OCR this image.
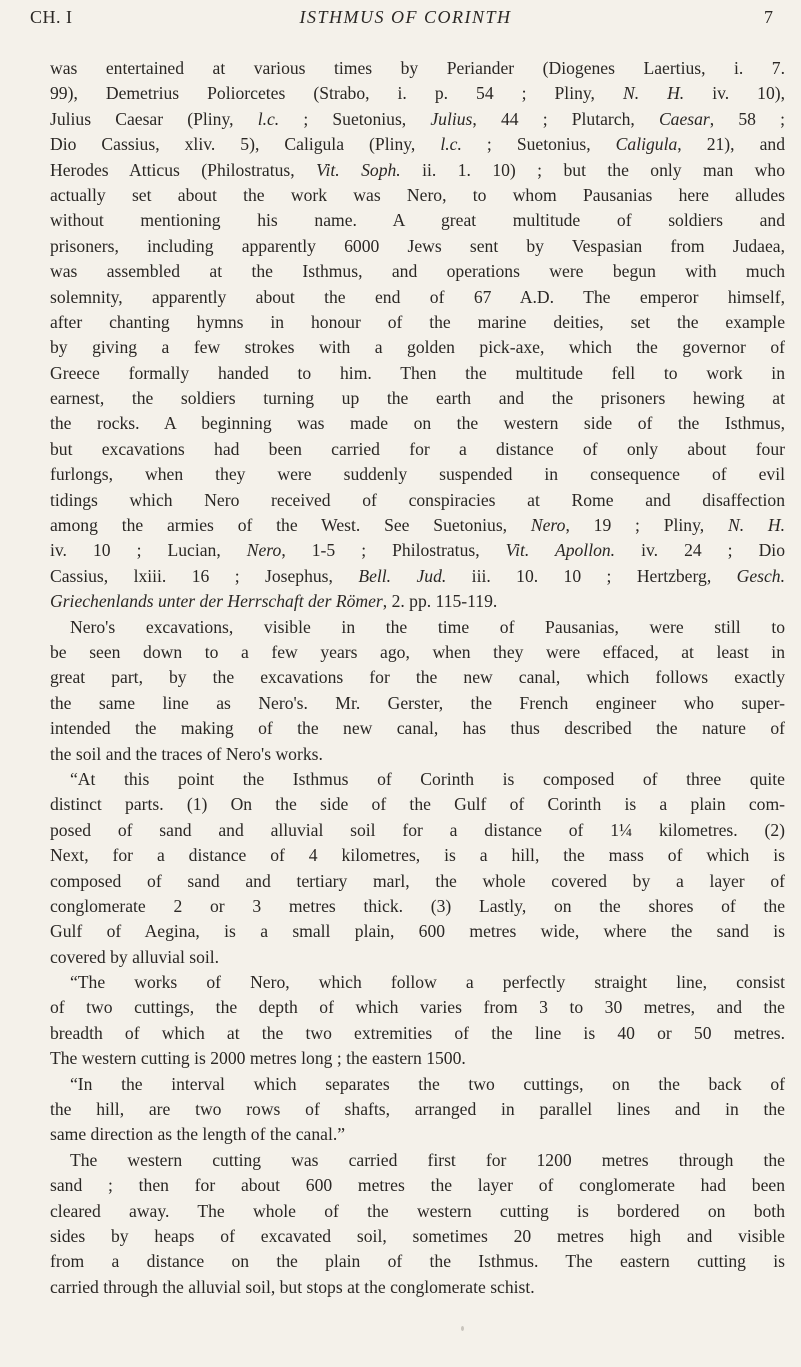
CH. I	ISTHMUS OF CORINTH	7
was entertained at various times by Periander (Diogenes Laertius, i. 7.
99), Demetrius Poliorcetes (Strabo, i. p. 54 ; Pliny, N. H. iv. 10),
Julius Caesar (Pliny, l.c. ; Suetonius, Julius, 44 ; Plutarch, Caesar, 58 ;
Dio Cassius, xliv. 5), Caligula (Pliny, l.c. ; Suetonius, Caligula, 21), and
Herodes Atticus (Philostratus, Vit. Soph. ii. 1. 10) ; but the only man who
actually set about the work was Nero, to whom Pausanias here alludes
without mentioning his name. A great multitude of soldiers and
prisoners, including apparently 6000 Jews sent by Vespasian from Judaea,
was assembled at the Isthmus, and operations were begun with much
solemnity, apparently about the end of 67 A.D. The emperor himself,
after chanting hymns in honour of the marine deities, set the example
by giving a few strokes with a golden pick-axe, which the governor of
Greece formally handed to him. Then the multitude fell to work in
earnest, the soldiers turning up the earth and the prisoners hewing at
the rocks. A beginning was made on the western side of the Isthmus,
but excavations had been carried for a distance of only about four
furlongs, when they were suddenly suspended in consequence of evil
tidings which Nero received of conspiracies at Rome and disaffection
among the armies of the West. See Suetonius, Nero, 19 ; Pliny, N. H.
iv. 10 ; Lucian, Nero, 1-5 ; Philostratus, Vit. Apollon. iv. 24 ; Dio
Cassius, lxiii. 16 ; Josephus, Bell. Jud. iii. 10. 10 ; Hertzberg, Gesch.
Griechenlands unter der Herrschaft der Römer, 2. pp. 115-119.
Nero's excavations, visible in the time of Pausanias, were still to
be seen down to a few years ago, when they were effaced, at least in
great part, by the excavations for the new canal, which follows exactly
the same line as Nero's. Mr. Gerster, the French engineer who super-
intended the making of the new canal, has thus described the nature of
the soil and the traces of Nero's works.
“At this point the Isthmus of Corinth is composed of three quite
distinct parts. (1) On the side of the Gulf of Corinth is a plain com-
posed of sand and alluvial soil for a distance of 1¼ kilometres. (2)
Next, for a distance of 4 kilometres, is a hill, the mass of which is
composed of sand and tertiary marl, the whole covered by a layer of
conglomerate 2 or 3 metres thick. (3) Lastly, on the shores of the
Gulf of Aegina, is a small plain, 600 metres wide, where the sand is
covered by alluvial soil.
“The works of Nero, which follow a perfectly straight line, consist
of two cuttings, the depth of which varies from 3 to 30 metres, and the
breadth of which at the two extremities of the line is 40 or 50 metres.
The western cutting is 2000 metres long ; the eastern 1500.
“In the interval which separates the two cuttings, on the back of
the hill, are two rows of shafts, arranged in parallel lines and in the
same direction as the length of the canal.”
The western cutting was carried first for 1200 metres through the
sand ; then for about 600 metres the layer of conglomerate had been
cleared away. The whole of the western cutting is bordered on both
sides by heaps of excavated soil, sometimes 20 metres high and visible
from a distance on the plain of the Isthmus. The eastern cutting is
carried through the alluvial soil, but stops at the conglomerate schist.
